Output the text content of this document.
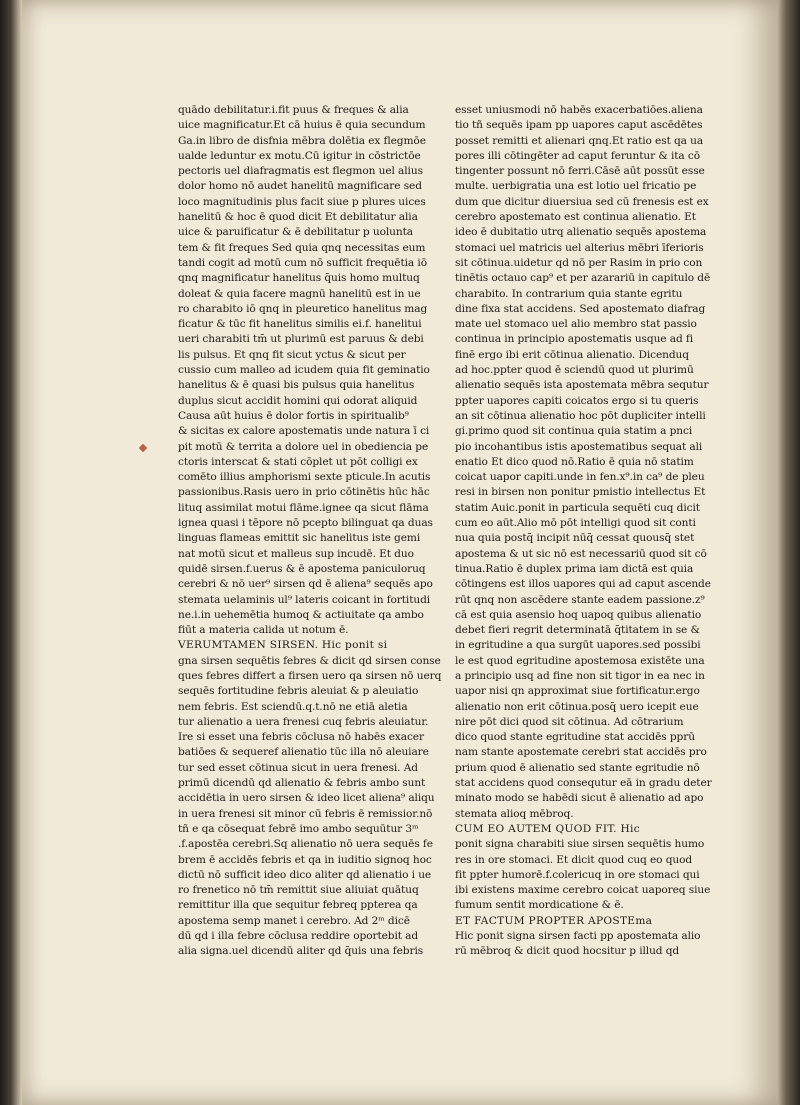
quādo debilitatur.i.fit puus & freques & alia
uice magnificatur.Et cā huius ē quia secundum
Ga.in libro de disfnia mēbra dolētia ex flegmōe
ualde leduntur ex motu.Cū igitur in cōstrictōe
pectoris uel diafragmatis est flegmon uel alius
dolor homo nō audet hanelitū magnificare sed
loco magnitudinis plus facit siue p plures uices
hanelitū & hoc ē quod dicit Et debilitatur alia
uice & paruificatur & ē debilitatur p uolunta
tem & fit freques Sed quia qnq necessitas eum
tandi cogit ad motū cum nō sufficit frequētia iō
qnq magnificatur hanelitus q̄uis homo multuq
doleat & quia facere magnū hanelitū est in ue
ro charabito iō qnq in pleuretico hanelitus mag
ficatur & tūc fit hanelitus similis ei.f. hanelitui
ueri charabiti tm̄ ut plurimū est paruus & debi
lis pulsus. Et qnq fit sicut yctus & sicut per
cussio cum malleo ad icudem quia fit geminatio
hanelitus & ē quasi bis pulsus quia hanelitus
duplus sicut accidit homini qui odorat aliquid
Causa aūt huius ē dolor fortis in spiritualib⁹
& sicitas ex calore apostematis unde natura ī ci
pit motū & territa a dolore uel in obediencia pe
ctoris interscat & stati cōplet ut pōt colligi ex
comēto illius amphorismi sexte pticule.In acutis
passionibus.Rasis uero in prio cōtinētis hūc hāc
lituq assimilat motui flāme.ignee qa sicut flāma
ignea quasi i tēpore nō pcepto bilinguat qa duas
linguas flameas emittit sic hanelitus iste gemi
nat motū sicut et malleus sup incudē. Et duo
quidē sirsen.f.uerus & ē apostema paniculoruq
cerebri & nō uer⁹ sirsen qd ē aliena⁹ sequēs apo
stemata uelaminis ul⁹ lateris coicant in fortitudi
ne.i.in uehemētia humoq & actiuitate qa ambo
fiūt a materia calida ut notum ē.
VERUMTAMEN SIRSEN. Hic ponit si
gna sirsen sequētis febres & dicit qd sirsen conse
ques febres differt a firsen uero qa sirsen nō uerq
sequēs fortitudine febris aleuiat & p aleuiatio
nem febris. Est sciendū.q.t.nō ne etiā aletia
tur alienatio a uera frenesi cuq febris aleuiatur.
Ire si esset una febris cōclusa nō habēs exacer
batiōes & sequeref alienatio tūc illa nō aleuiare
tur sed esset cōtinua sicut in uera frenesi. Ad
primū dicendū qd alienatio & febris ambo sunt
accidētia in uero sirsen & ideo licet aliena⁹ aliqu
in uera frenesi sit minor cū febris ē remissior.nō
tñ e qa cōsequat febrē imo ambo sequūtur 3ᵐ
.f.apostēa cerebri.Sq alienatio nō uera sequēs fe
brem ē accidēs febris et qa in iuditio signoq hoc
dictū nō sufficit ideo dico aliter qd alienatio i ue
ro frenetico nō tm̄ remittit siue aliuiat quātuq
remittitur illa que sequitur febreq ppterea qa
apostema semp manet i cerebro. Ad 2ᵐ dicē
dū qd i illa febre cōclusa reddire oportebit ad
alia signa.uel dicendū aliter qd q̄uis una febris
esset uniusmodi nō habēs exacerbatiōes.aliena
tio tñ sequēs ipam pp uapores caput ascēdētes
posset remitti et alienari qnq.Et ratio est qa ua
pores illi cōtingēter ad caput feruntur & ita cō
tingenter possunt nō ferri.Cāsē aūt possūt esse
multe. uerbigratia una est lotio uel fricatio pe
dum que dicitur diuersiua sed cū frenesis est ex
cerebro apostemato est continua alienatio. Et
ideo ē dubitatio utrq alienatio sequēs apostema
stomaci uel matricis uel alterius mēbri īferioris
sit cōtinua.uidetur qd nō per Rasim in prio con
tinētis octauo cap⁹ et per azarariū in capitulo dē
charabito. In contrarium quia stante egritu
dine fixa stat accidens. Sed apostemato diafrag
mate uel stomaco uel alio membro stat passio
continua in principio apostematis usque ad fi
finē ergo ibi erit cōtinua alienatio. Dicenduq
ad hoc.ppter quod ē sciendū quod ut plurimū
alienatio sequēs ista apostemata mēbra sequtur
ppter uapores capiti coicatos ergo si tu queris
an sit cōtinua alienatio hoc pōt dupliciter intelli
gi.primo quod sit continua quia statim a pnci
pio incohantibus istis apostematibus sequat ali
enatio Et dico quod nō.Ratio ē quia nō statim
coicat uapor capiti.unde in fen.x⁹.in ca⁹ de pleu
resi in birsen non ponitur pmistio intellectus Et
statim Auic.ponit in particula sequēti cuq dicit
cum eo aūt.Alio mō pōt intelligi quod sit conti
nua quia postq̄ incipit nūq̄ cessat quousq̄ stet
apostema & ut sic nō est necessariū quod sit cō
tinua.Ratio ē duplex prima iam dictā est quia
cōtingens est illos uapores qui ad caput ascende
rūt qnq non ascēdere stante eadem passione.z⁹
cā est quia asensio hoq uapoq quibus alienatio
debet fieri regrit determinatā q̄titatem in se &
in egritudine a qua surgūt uapores.sed possibi
le est quod egritudine apostemosa existēte una
a principio usq ad fine non sit tigor in ea nec in
uapor nisi qn approximat siue fortificatur.ergo
alienatio non erit cōtinua.posq̄ uero icepit eue
nire pōt dici quod sit cōtinua. Ad cōtrarium
dico quod stante egritudine stat accidēs pprū
nam stante apostemate cerebri stat accidēs pro
prium quod ē alienatio sed stante egritudie nō
stat accidens quod consequtur eā in gradu deter
minato modo se habēdi sicut ē alienatio ad apo
stemata alioq mēbroq.
CUM EO AUTEM QUOD FIT. Hic
ponit signa charabiti siue sirsen sequētis humo
res in ore stomaci. Et dicit quod cuq eo quod
fit ppter humorē.f.colericuq in ore stomaci qui
ibi existens maxime cerebro coicat uaporeq siue
fumum sentit mordicatione & ē.
ET FACTUM PROPTER APOSTEma
Hic ponit signa sirsen facti pp apostemata alio
rū mēbroq & dicit quod hocsitur p illud qd
